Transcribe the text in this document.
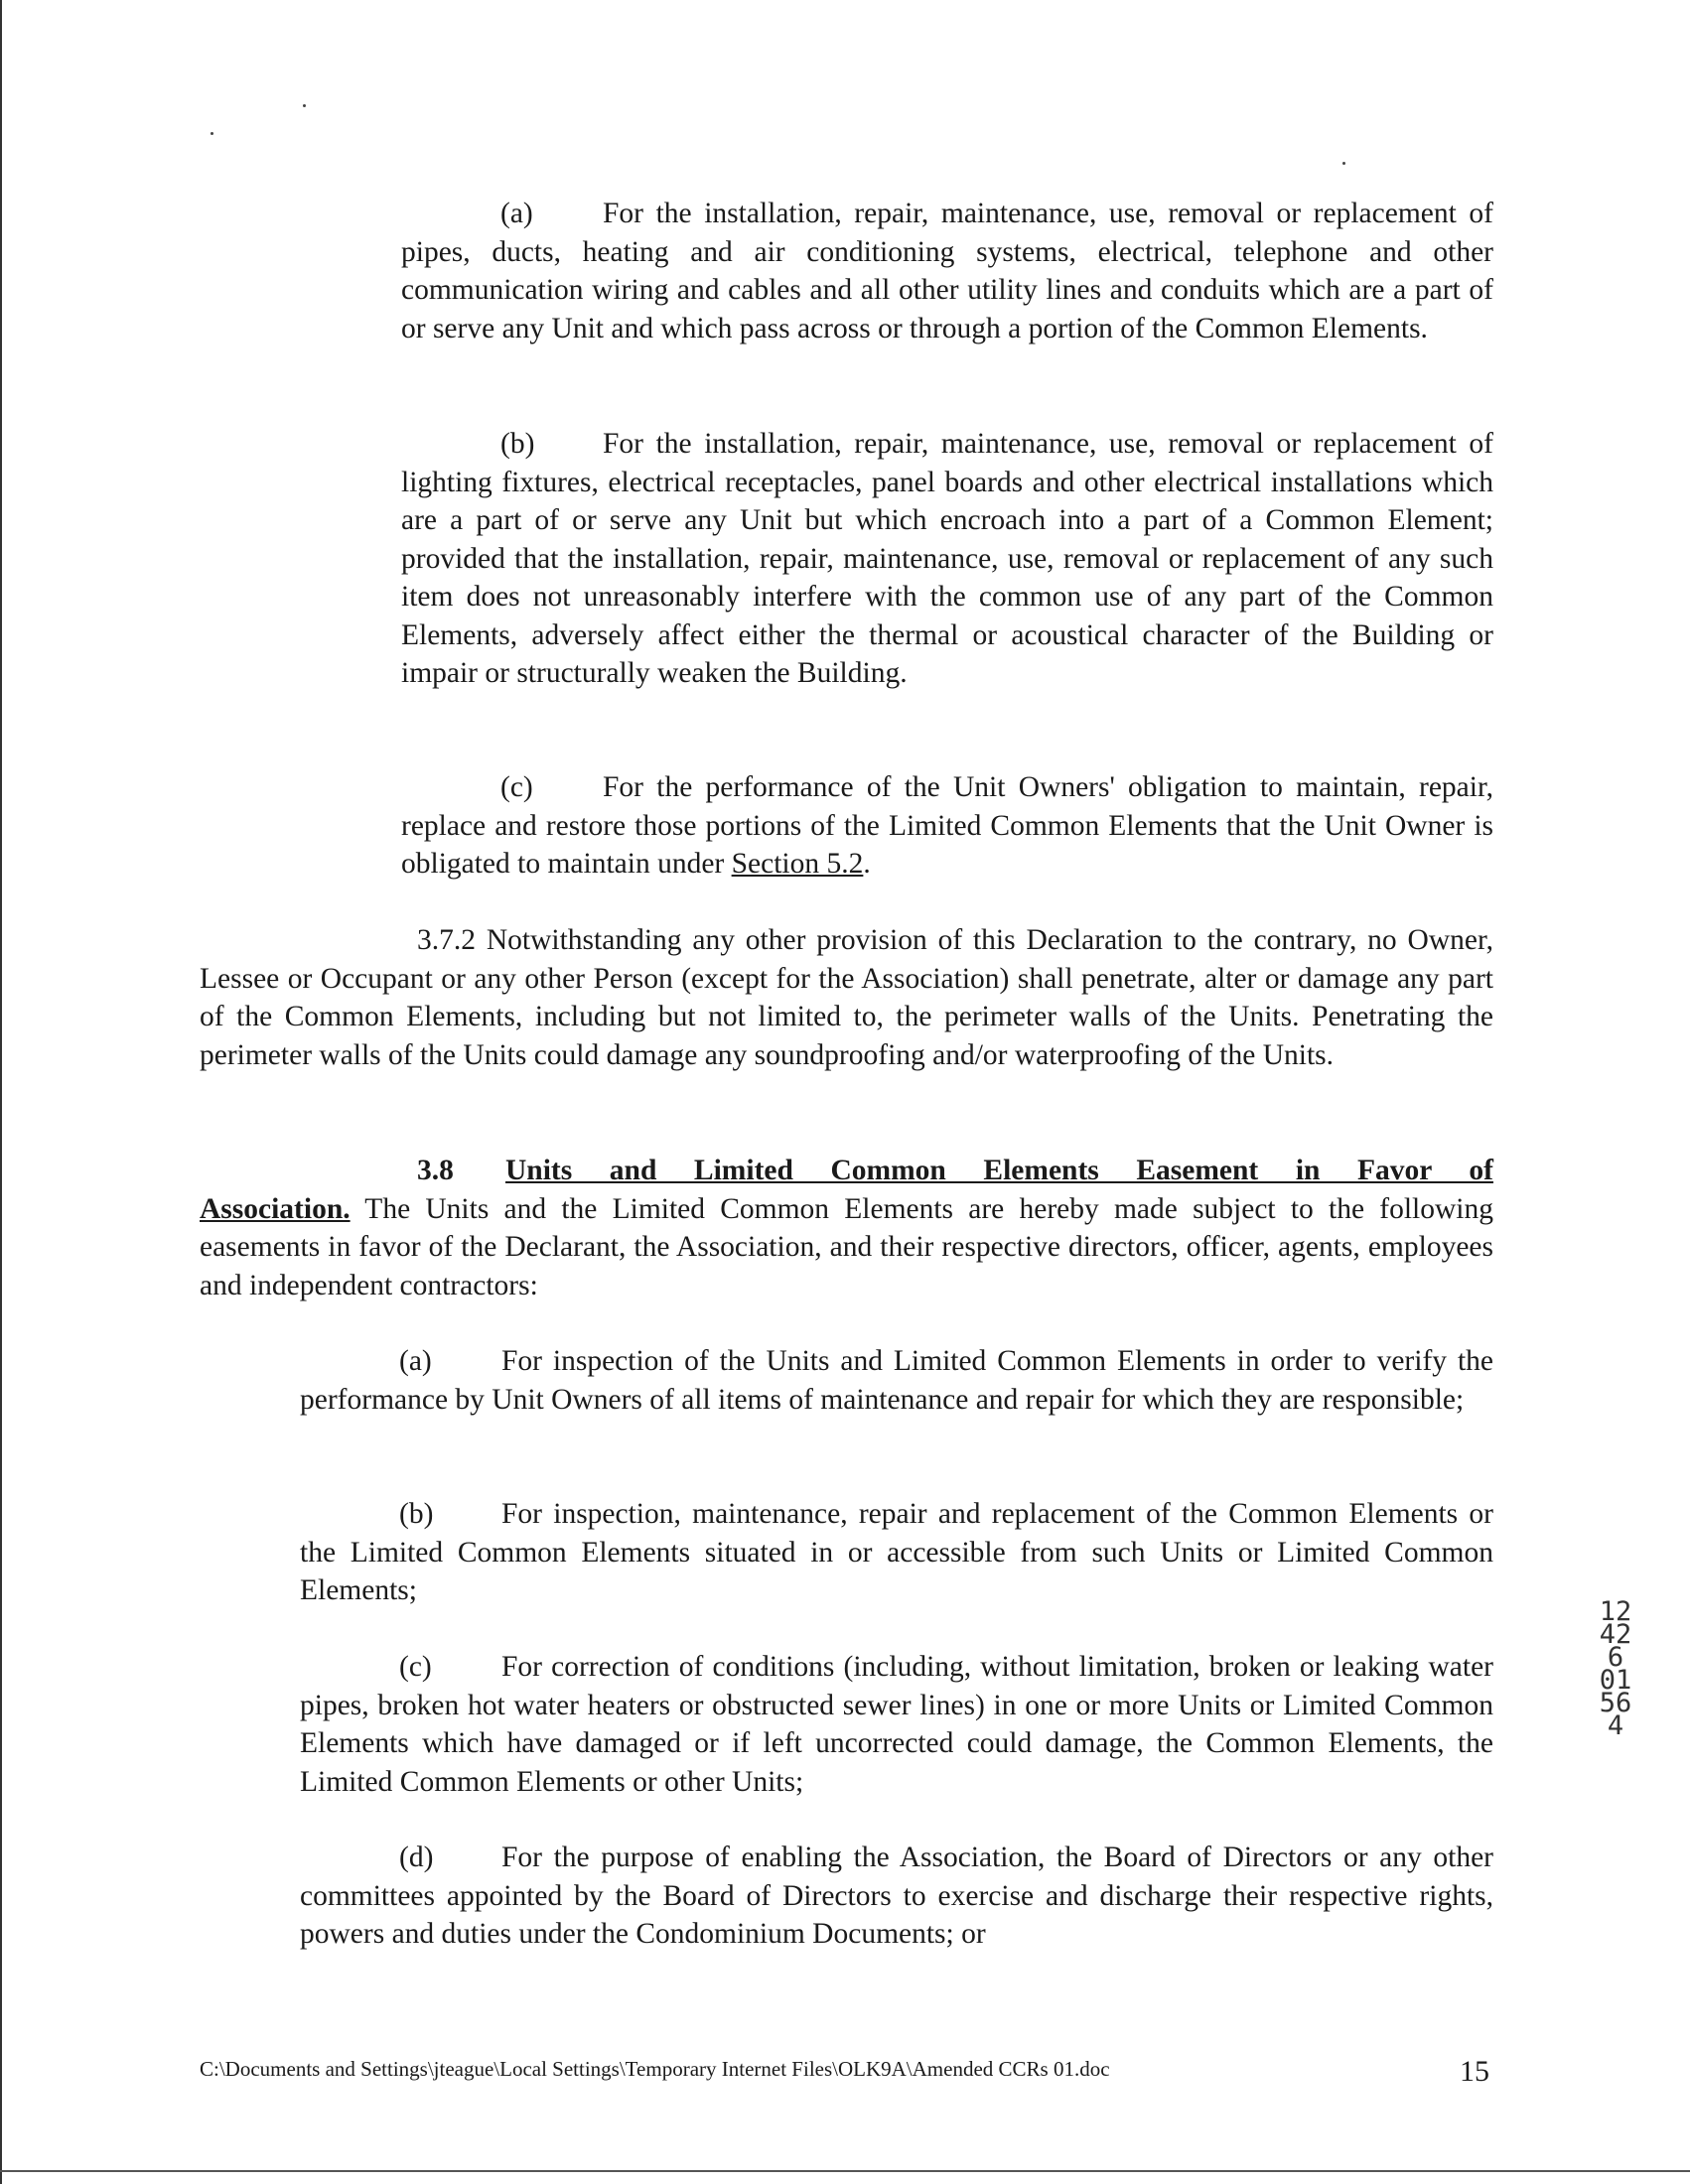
(a) For the installation, repair, maintenance, use, removal or replacement of pipes, ducts, heating and air conditioning systems, electrical, telephone and other communication wiring and cables and all other utility lines and conduits which are a part of or serve any Unit and which pass across or through a portion of the Common Elements.

(b) For the installation, repair, maintenance, use, removal or replacement of lighting fixtures, electrical receptacles, panel boards and other electrical installations which are a part of or serve any Unit but which encroach into a part of a Common Element; provided that the installation, repair, maintenance, use, removal or replacement of any such item does not unreasonably interfere with the common use of any part of the Common Elements, adversely affect either the thermal or acoustical character of the Building or impair or structurally weaken the Building.

(c) For the performance of the Unit Owners' obligation to maintain, repair, replace and restore those portions of the Limited Common Elements that the Unit Owner is obligated to maintain under Section 5.2.

3.7.2 Notwithstanding any other provision of this Declaration to the contrary, no Owner, Lessee or Occupant or any other Person (except for the Association) shall penetrate, alter or damage any part of the Common Elements, including but not limited to, the perimeter walls of the Units. Penetrating the perimeter walls of the Units could damage any soundproofing and/or waterproofing of the Units.

3.8 Units and Limited Common Elements Easement in Favor of Association. The Units and the Limited Common Elements are hereby made subject to the following easements in favor of the Declarant, the Association, and their respective directors, officer, agents, employees and independent contractors:

(a) For inspection of the Units and Limited Common Elements in order to verify the performance by Unit Owners of all items of maintenance and repair for which they are responsible;

(b) For inspection, maintenance, repair and replacement of the Common Elements or the Limited Common Elements situated in or accessible from such Units or Limited Common Elements;

(c) For correction of conditions (including, without limitation, broken or leaking water pipes, broken hot water heaters or obstructed sewer lines) in one or more Units or Limited Common Elements which have damaged or if left uncorrected could damage, the Common Elements, the Limited Common Elements or other Units;

(d) For the purpose of enabling the Association, the Board of Directors or any other committees appointed by the Board of Directors to exercise and discharge their respective rights, powers and duties under the Condominium Documents; or

12426 01564

C:\Documents and Settings\jteague\Local Settings\Temporary Internet Files\OLK9A\Amended CCRs 01.doc	15
